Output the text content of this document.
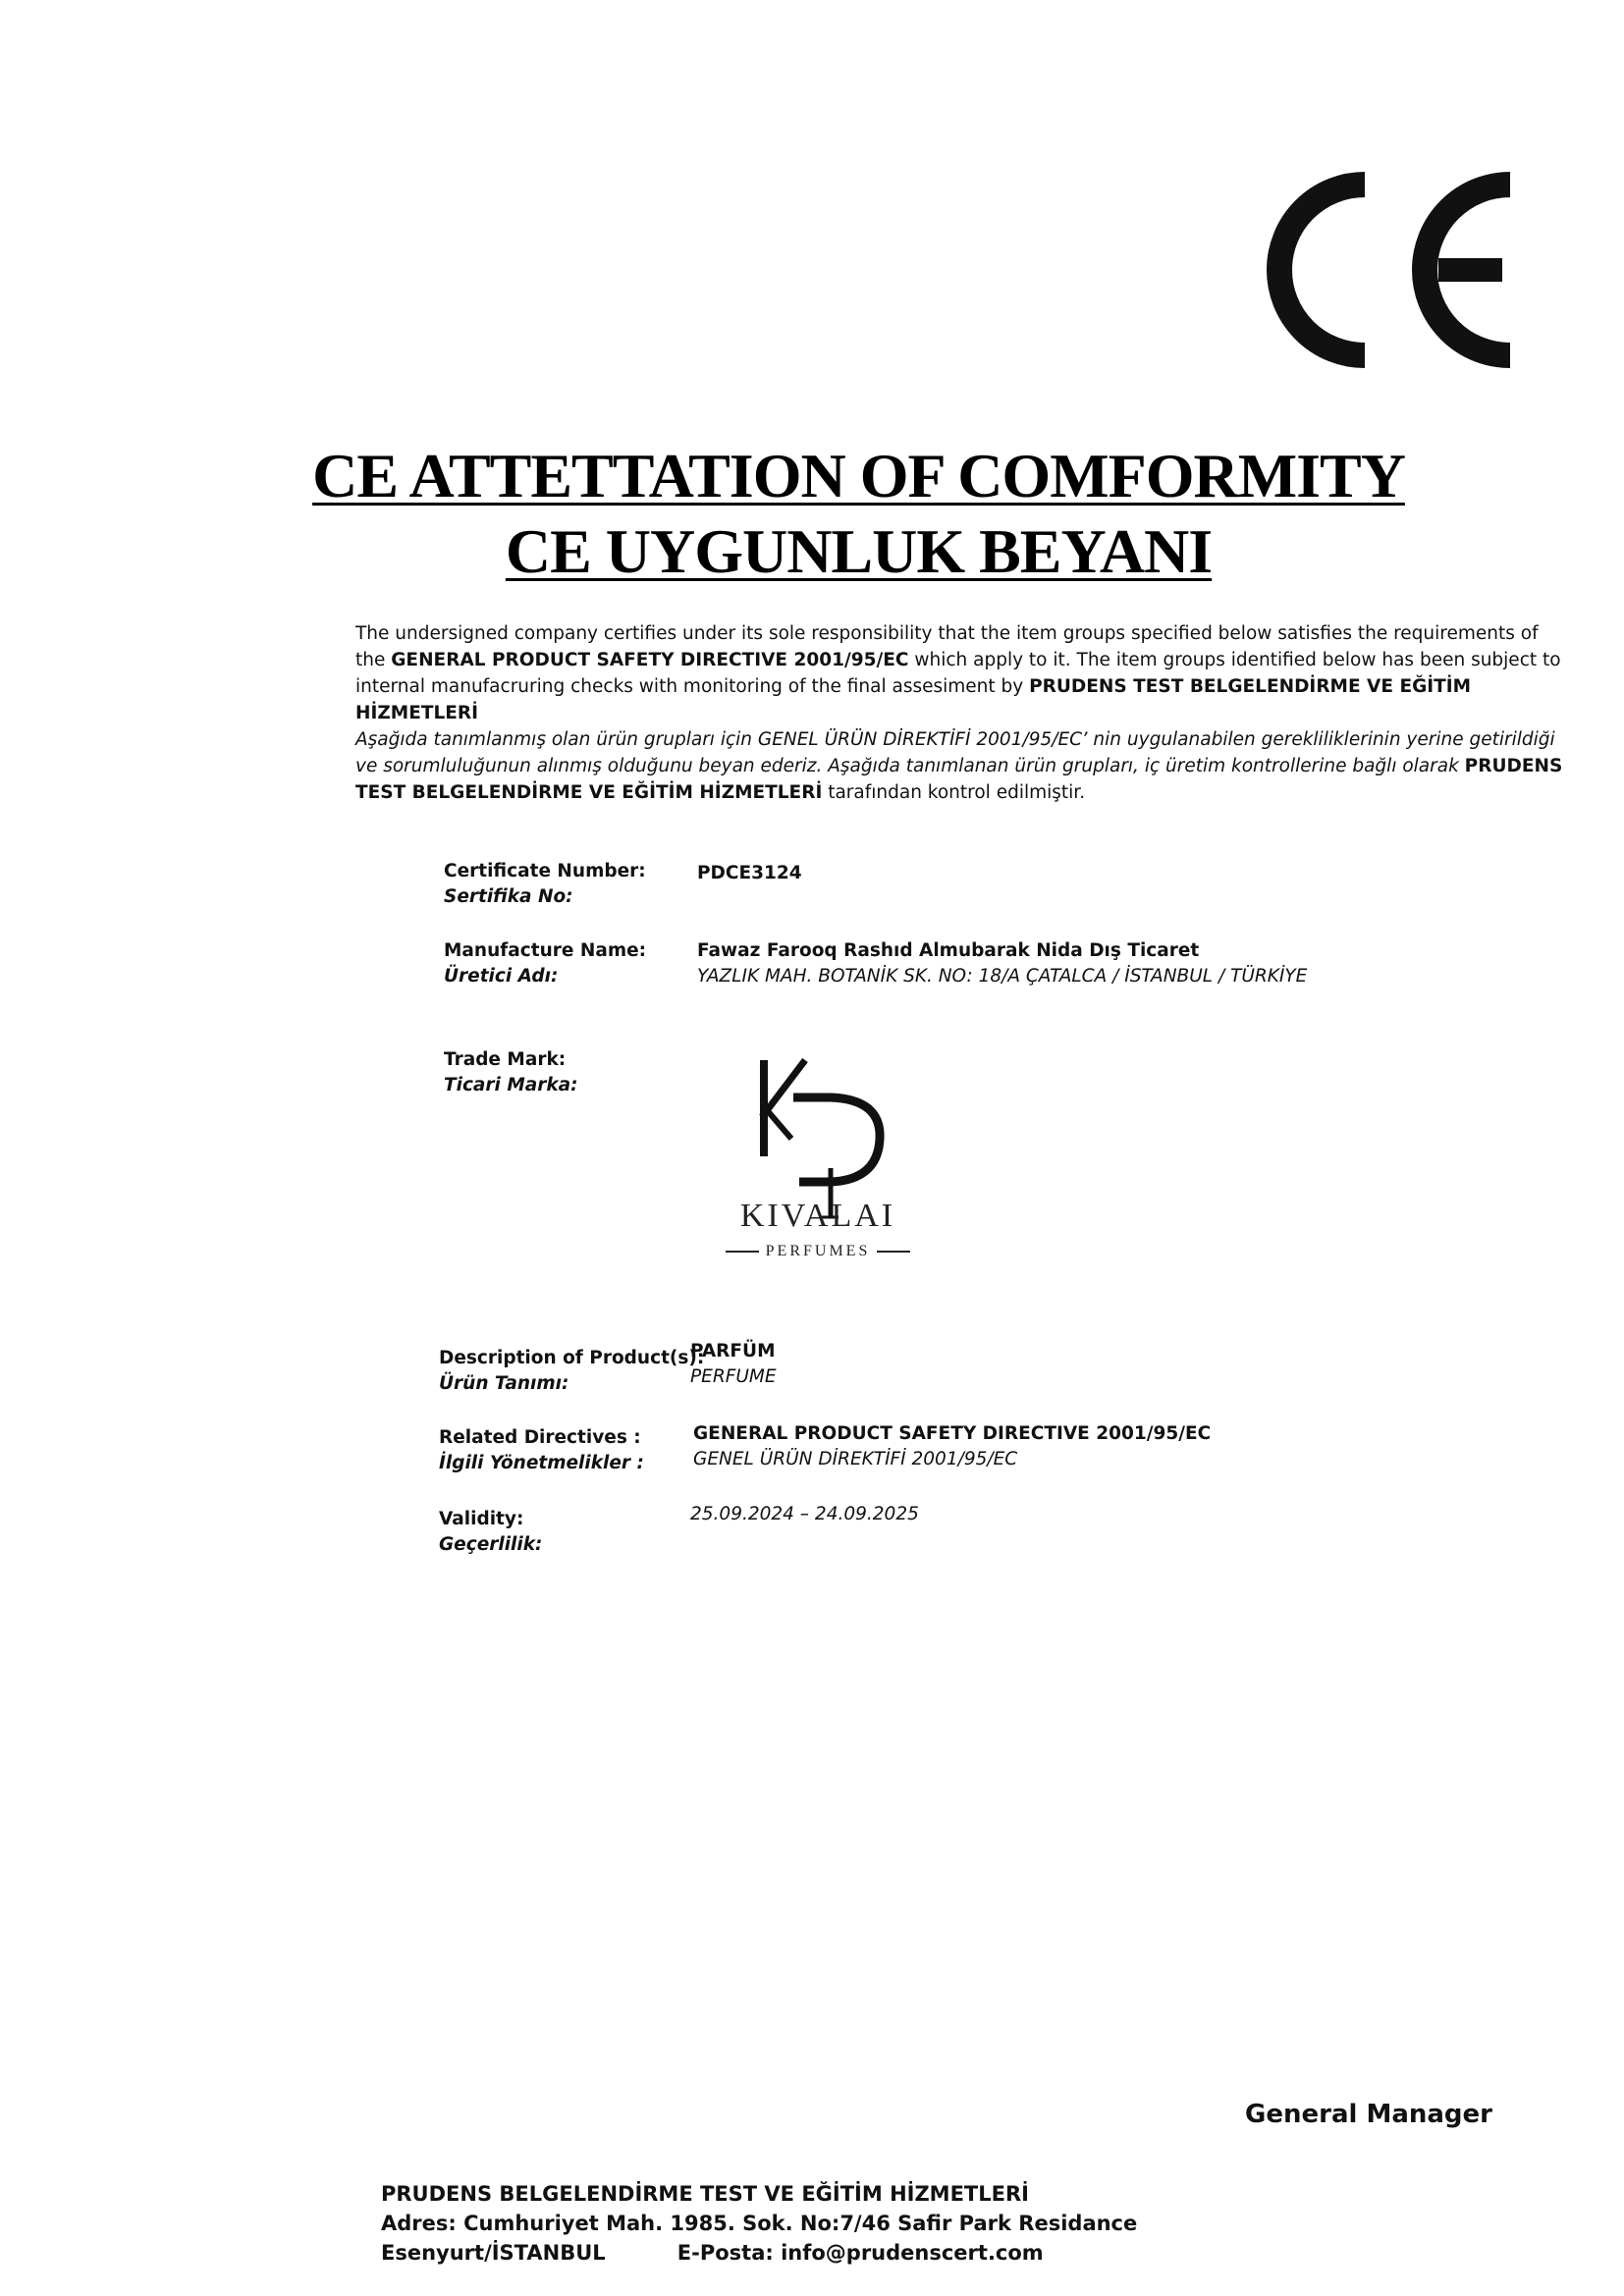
CE ATTETTATION OF COMFORMITY
CE UYGUNLUK BEYANI
The undersigned company certifies under its sole responsibility that the item groups specified below satisfies the requirements of the GENERAL PRODUCT SAFETY DIRECTIVE 2001/95/EC which apply to it. The item groups identified below has been subject to internal manufacruring checks with monitoring of the final assesiment by PRUDENS TEST BELGELENDİRME VE EĞİTİM HİZMETLERİ
Aşağıda tanımlanmış olan ürün grupları için GENEL ÜRÜN DİREKTİFİ 2001/95/EC’ nin uygulanabilen gerekliliklerinin yerine getirildiği ve sorumluluğunun alınmış olduğunu beyan ederiz. Aşağıda tanımlanan ürün grupları, iç üretim kontrollerine bağlı olarak PRUDENS TEST BELGELENDİRME VE EĞİTİM HİZMETLERİ tarafından kontrol edilmiştir.
Certificate Number:
Sertifika No:
PDCE3124
Manufacture Name:
Üretici Adı:
Fawaz Farooq Rashıd Almubarak Nida Dış Ticaret
YAZLIK MAH. BOTANİK SK. NO: 18/A ÇATALCA / İSTANBUL / TÜRKİYE
Trade Mark:
Ticari Marka:
KIVALAI
PERFUMES
Description of Product(s):
Ürün Tanımı:
PARFÜM
PERFUME
Related Directives :
İlgili Yönetmelikler :
GENERAL PRODUCT SAFETY DIRECTIVE 2001/95/EC
GENEL ÜRÜN DİREKTİFİ 2001/95/EC
Validity:
Geçerlilik:
25.09.2024 – 24.09.2025
General Manager
PRUDENS BELGELENDİRME TEST VE EĞİTİM HİZMETLERİ
Adres: Cumhuriyet Mah. 1985. Sok. No:7/46 Safir Park Residance
Esenyurt/İSTANBUL	E-Posta: info@prudenscert.com
